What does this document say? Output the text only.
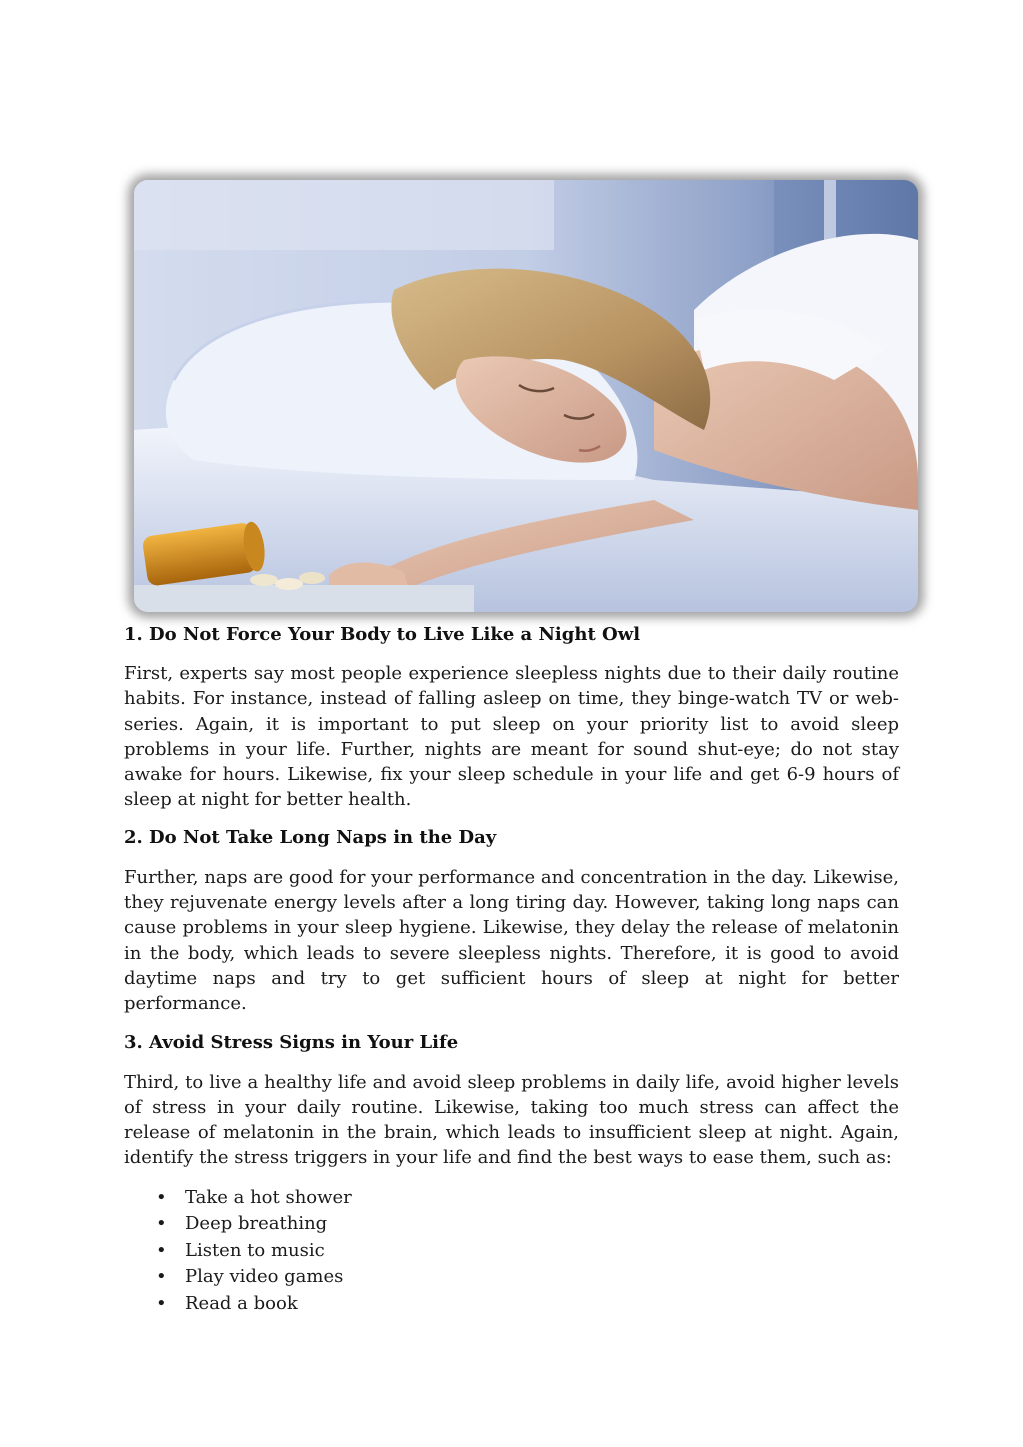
1. Do Not Force Your Body to Live Like a Night Owl

First, experts say most people experience sleepless nights due to their daily routine habits. For instance, instead of falling asleep on time, they binge-watch TV or web-series. Again, it is important to put sleep on your priority list to avoid sleep problems in your life. Further, nights are meant for sound shut-eye; do not stay awake for hours. Likewise, fix your sleep schedule in your life and get 6-9 hours of sleep at night for better health.

2. Do Not Take Long Naps in the Day

Further, naps are good for your performance and concentration in the day. Likewise, they rejuvenate energy levels after a long tiring day. However, taking long naps can cause problems in your sleep hygiene. Likewise, they delay the release of melatonin in the body, which leads to severe sleepless nights. Therefore, it is good to avoid daytime naps and try to get sufficient hours of sleep at night for better performance.

3. Avoid Stress Signs in Your Life

Third, to live a healthy life and avoid sleep problems in daily life, avoid higher levels of stress in your daily routine. Likewise, taking too much stress can affect the release of melatonin in the brain, which leads to insufficient sleep at night. Again, identify the stress triggers in your life and find the best ways to ease them, such as:

• Take a hot shower
• Deep breathing
• Listen to music
• Play video games
• Read a book
